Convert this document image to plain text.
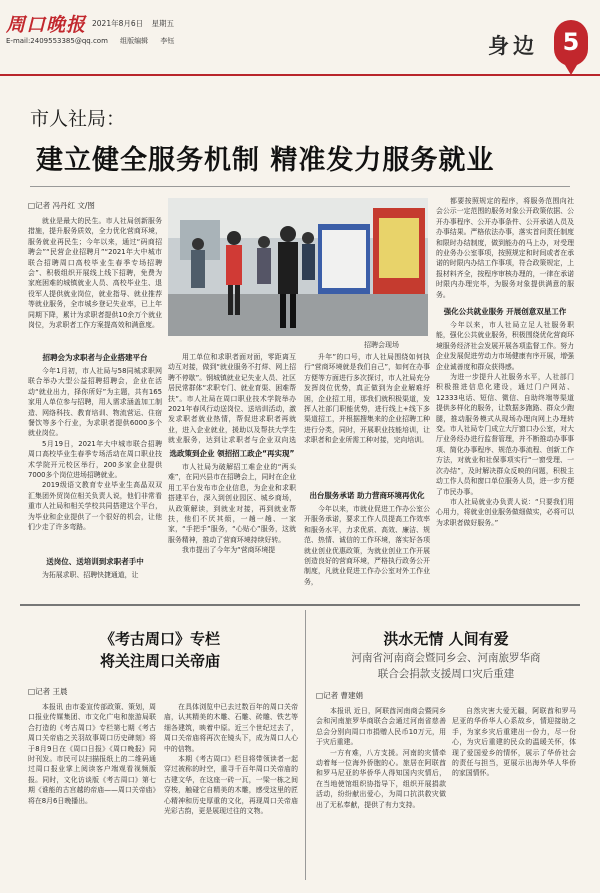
周口晚报 2021年8月6日 星期五
E-mail:2409553385@qq.com 组版编辑 李钰	身边	5
市人社局：
建立健全服务机制 精准发力服务就业
□记者 冯丹红 文/图

就业是最大的民生。市人社局创新服务措施，提升服务质效，全力优化营商环境，服务就业再民生；今年以来，通过“码商招聘会”“民营企业招聘月”“2021年大中城市联合招聘周口高校毕业生春季专场招聘会”、积极组织开展线上线下招聘，免费为家庭困难的城镇就业人员、高校毕业生、退役军人提供就业岗位，就业指导、就业推荐等就业服务，全市城乡登记失业率，已上年同期下降，累计为求职者提供10余万个就业岗位，为求职者工作方案提高效和满意度。

招聘会为求职者与企业搭建平台

今年1月初，市人社局与58同城求职网联合举办大型公益招聘招聘会，企业在活动“就业出力，择你所好”为主题，共有165家用人单位参与招聘，用人需求涵盖加工制造、网络科技、教育培训、物流营运、住宿餐饮等多个行业，为求职者提供6000多个就业岗位。

5月19日，2021年大中城市联合招聘周口高校毕业生春季专场活动在周口职业技术学院开元校区举行，200多家企业提供7000多个岗位进场招聘就业。

2019级语文教育专业毕业生高晶双双汇集团外贸岗位相关负责人说，他们非常看重市人社局和相关学校共同搭建这个平台，为毕业和企业提供了一个很好的机会，让他们少走了许多弯路。

送岗位、送培训到求职者手中

为拓展求职、招聘快捷通道，让

招聘会现场

用工单位和求职者面对面，零距离互动互对接，做到“就业服务不打烊、网上招聘不停歇”。钢城镇就业记失业人员、社区居民常群体“求职专门、就业育渠、困难帮扶”。市人社局在周口职业技术学院举办2021年春风行动送岗位、送培训活动，激发求职者就业热情，帮促进求职者再就业，进入企业就业，援助以及帮扶大学生就业服务，达到让求职者与企业双向选

选政策到企业 领招招工政企“再实现”

市人社局为破解招工难企业的“两头难”，在同兴县市在招聘会上，同时在企业用工平台发布市企业信息，为企业和求职搭建平台，深入到创业园区、城乡商场，从政策解读，到就业对接，再到就业帮扶，他们不厌其烦，一趟一趟、一家家，“手把手”服务，“心贴心”服务，这就服务精神，推动了营商环境持续好转。

我市提出了今年为“营商环境提

升年”的口号，市人社局围绕如何执行“营商环境就是我们自己”，如何在办事方便等方面进行多次探讨，市人社局充分发挥岗位优势，真正做到为企业解难纾困，企业招工用，那我们就积极渠道，发挥人社部门职能优势，进行线上+线下多渠道招工，并根据搜集来的企业招聘工种进行分类，同时，开展职业技能培训，让求职者和企业所需工种对接，完向培训。

出台服务承诺 助力营商环境再优化

今年以来，市就业促进工作办公室公开服务承诺，要求工作人员提高工作效率和服务水平，力求优质、高效、廉洁、规范、热情、诚信的工作环境，落实好各项就业创业优惠政策，为就业创业工作开展创造良好的营商环境，严格执行政务公开制度，凡就业促进工作办公室对外工作业务，

都要按照规定的程序，将服务范围向社会公示一定范围的服务对象公开政策依据、公开办事程序、公开办事条件、公开承诺人员及办事结果。严格依法办事，落实首问责任制度和限时办结制度，做到能办的马上办，对受理的业务办公室事项，按照规定和时间或者在承诺的时限内办结工作事项，符合政策规定，上报材料齐全，按程序审核办理的，一律在承诺时限内办理完毕，为服务对象提供满意的服务。

强化公共就业服务 开展创意双星工作

今年以来，市人社局立足人社服务职能，强化公共就业服务，积极围绕优化营商环境服务经济社会发展开展各项监督工作。努力企业发展促进劳动力市场健康有序开展，增强企业诚善度和群众获得感。

为进一步提升人社服务水平，人社部门积极推进信息化建设，通过门户网站、12333电话、短信、微信、自助终端等渠道提供多样化的服务，让数据多跑路、群众少跑腿，推动服务模式从现场办理向网上办理转变。市人社局专门成立大厅窗口办公室，对大厅业务经办进行监督管理，并不断推动办事事项、简化办事程序、规范办事流程、创新工作方法，对就业和社保事项实行“一窗受理、一次办结”，及时解决群众反映的问题，积极主动工作人员和窗口单位服务人员，进一步方便了市民办事。

市人社局就业办负责人说：“只要我们用心用力，将就业创业服务做细做实，必将可以为求职者做好服务。”

《考古周口》专栏
将关注周口关帝庙
□记者 王晨

本报讯 由市委宣传部政策、策划，周口报业传媒集团、市文化广电和旅游局联合打造的《考古周口》专栏第七期《考古周口关帝庙之关羽故事周口历史碑刻》将于8月9日在《周口日报》《周口晚报》同时刊发。市民可以扫描报纸上的二维码通过周口报业掌上阅读客户端观看视频版报。同时，文化访谈版《考古周口》第七期《谁能的古宫越的帝庙——周口关帝庙》将在8月6日晚播出。

在具体浏览中已去过数百年的周口关帝庙，认其精美的木雕、石雕、砖雕、铁艺等细各建筑，映着中原。近三个世纪过去了，周口关帝庙将再次在镜头下，成为周口人心中的信物。

本期《考古周口》栏目将带领读者一起穿过被称的时空，重寻千百年周口关帝庙的古建文华，在这座一砖一瓦，一梁一栋之间穿梭，触碰它自精美的木雕，感受这里的匠心精神和历史厚重的文化，再现周口关帝庙光彩古韵，更是展现过往的文物。

洪水无情 人间有爱
河南省河南商会暨同乡会、河南旅罗华商
联合会捐款支援周口灾后重建
□记者 曹建娟

本报讯 近日，阿联酋河南商会暨同乡会和河南旅罗华商联合会通过河南省慈善总会分别向周口市捐赠人民币10万元，用于灾后重建。

一方有难，八方支援。河南的灾情牵动着每一位海外侨胞的心。旅居在阿联酋和罗马尼亚的华侨华人得知国内灾情后，在当地使馆组织协指导下，组织开展捐款活动，纷纷献出爱心，为周口抗洪救灾做出了无私奉献，提供了有力支持。

自然灾害大爱无疆，阿联酋和罗马尼亚的华侨华人心系故乡，情迎接助之手，为家乡灾后重建出一份力，尽一份心，为灾后重建的民众的温暖关怀，体现了爱国爱乡的情怀，展示了华侨社会的责任与担当，更展示出海外华人华侨的家国情怀。
